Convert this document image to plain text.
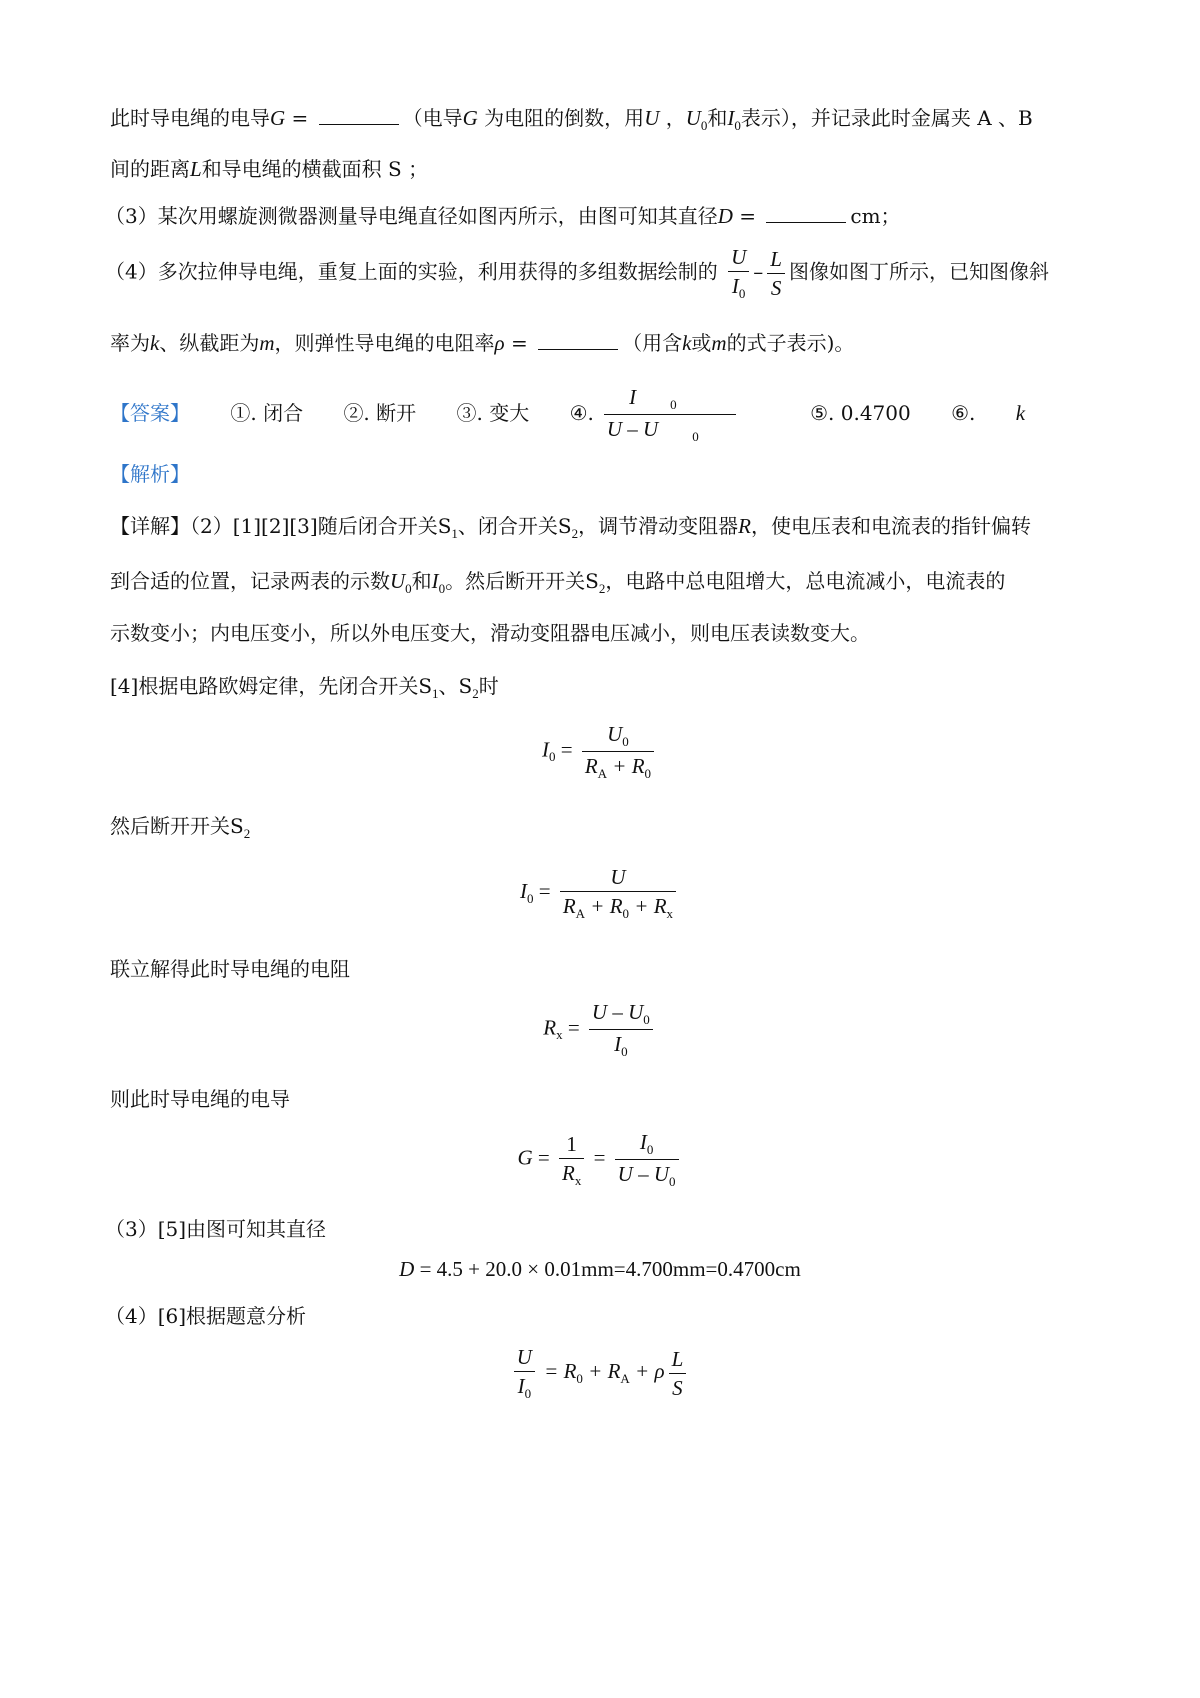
此时导电绳的电导G =	（电导G 为电阻的倒数，用U ，$U_0$和$I_0$表示），并记录此时金属夹 A 、B
间的距离L和导电绳的横截面积 S ；
（3）某次用螺旋测微器测量导电绳直径如图丙所示，由图可知其直径D =	cm；
（4）多次拉伸导电绳，重复上面的实验，利用获得的多组数据绘制的 $\frac{U}{I_0} - \frac{L}{S}$ 图像如图丁所示，已知图像斜
率为k、纵截距为m，则弹性导电绳的电阻率ρ =	（用含k或m的式子表示)。
【答案】 ①. 闭合 ②. 断开 ③. 变大 ④. I	$_0$
U – U	$_0$ ⑤. 0.4700 ⑥. k
【解析】
【详解】（2）[1][2][3]随后闭合开关$S_1$、闭合开关$S_2$，调节滑动变阻器R，使电压表和电流表的指针偏转
到合适的位置，记录两表的示数$U_0$和$I_0$。然后断开开关$S_2$，电路中总电阻增大，总电流减小，电流表的
示数变小；内电压变小，所以外电压变大，滑动变阻器电压减小，则电压表读数变大。
[4]根据电路欧姆定律，先闭合开关$S_1$、$S_2$时
$I_0 = \frac{U_0}{R_A + R_0}$
然后断开开关$S_2$
$I_0 = \frac{U}{R_A + R_0 + R_x}$
联立解得此时导电绳的电阻
$R_x = \frac{U - U_0}{I_0}$
则此时导电绳的电导
$G = \frac{1}{R_x} = \frac{I_0}{U - U_0}$
（3）[5]由图可知其直径
D = 4.5 + 20.0 × 0.01mm=4.700mm=0.4700cm
（4）[6]根据题意分析
$\frac{U}{I_0} = R_0 + R_A + \rho \frac{L}{S}$
